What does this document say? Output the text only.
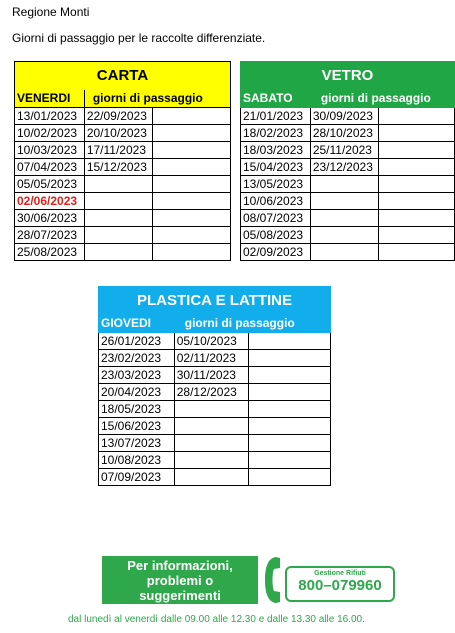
Regione Monti
Giorni di passaggio per le raccolte differenziate.
CARTA		
VENERDI	giorni di passaggio	
13/01/2023	22/09/2023	
10/02/2023	20/10/2023	
10/03/2023	17/11/2023	
07/04/2023	15/12/2023	
05/05/2023		
02/06/2023		
30/06/2023		
28/07/2023		
25/08/2023		
VETRO		
SABATO	giorni di passaggio	
21/01/2023	30/09/2023	
18/02/2023	28/10/2023	
18/03/2023	25/11/2023	
15/04/2023	23/12/2023	
13/05/2023		
10/06/2023		
08/07/2023		
05/08/2023		
02/09/2023		
PLASTICA E LATTINE		
GIOVEDI	giorni di passaggio	
26/01/2023	05/10/2023	
23/02/2023	02/11/2023	
23/03/2023	30/11/2023	
20/04/2023	28/12/2023	
18/05/2023		
15/06/2023		
13/07/2023		
10/08/2023		
07/09/2023		
Per informazioni,
problemi o
suggerimenti
Gestione Rifiuti
800–079960
dal lunedì al venerdì dalle 09.00 alle 12.30 e dalle 13.30 alle 16.00.
